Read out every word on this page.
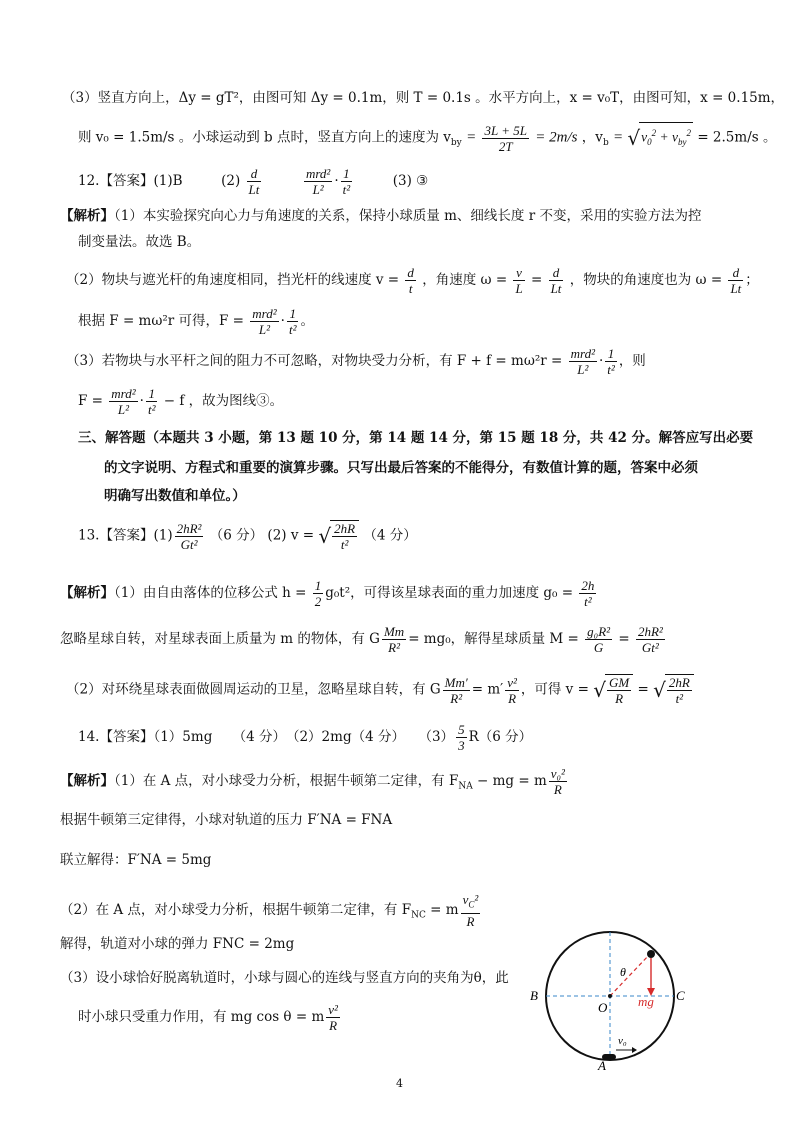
（3）竖直方向上，Δy = gT²，由图可知 Δy = 0.1m，则 T = 0.1s 。水平方向上，x = v₀T，由图可知，x = 0.15m，
则 v₀ = 1.5m/s 。小球运动到 b 点时，竖直方向上的速度为 $v_{by} = \frac{3L + 5L}{2T} = 2m/s$ ，$v_b = √v_0^2 + v_{by}^2 = 2.5m/s$ 。
12.【答案】(1)B	$(2) \frac{d}{Lt}$
	$\frac{\text{mrd²}}{\text{L²}} \cdot \frac{1}{\text{t²}}$	(3) ③
【解析】（1）本实验探究向心力与角速度的关系，保持小球质量 m、细线长度 r 不变，采用的实验方法为控
制变量法。故选 B。
（2）物块与遮光杆的角速度相同，挡光杆的线速度 $v = \frac{d}{t}$ ，角速度 $\omega = \frac{v}{L} = \frac{d}{Lt}$ ，物块的角速度也为 $\omega = \frac{d}{Lt}$ ；
根据 F = mω²r 可得，$F = \frac{\text{mrd²}}{\text{L²}} \cdot \frac{1}{\text{t²}}$ 。
（3）若物块与水平杆之间的阻力不可忽略，对物块受力分析，有 $F + f = m\omega^2r = \frac{\text{mrd²}}{\text{L²}} \cdot \frac{1}{\text{t²}}$ ，则
$F = \frac{\text{mrd²}}{\text{L²}} \cdot \frac{1}{\text{t²}} - f$ ，故为图线③。
三、解答题（本题共 3 小题，第 13 题 10 分，第 14 题 14 分，第 15 题 18 分，共 42 分。解答应写出必要
的文字说明、方程式和重要的演算步骤。只写出最后答案的不能得分，有数值计算的题，答案中必须
明确写出数值和单位。）
13.【答案】$(1) \frac{\text{2hR²}}{\text{Gt²}} (6$ 分） (2) v = √ $\frac{2hR}{\text{t²}} (4$ 分）
【解析】（1）由自由落体的位移公式 $h = \frac{1}{2} g_0t^2$，可得该星球表面的重力加速度 $g_0 = \frac{2h}{\text{t²}}$
忽略星球自转，对星球表面上质量为 m 的物体，有 G $\frac{Mm}{\text{R²}} = mg_0$，解得星球质量 $M = \frac{\text{g₀R²}}{G} = \frac{\text{2hR²}}{\text{Gt²}}$
（2）对环绕星球表面做圆周运动的卫星，忽略星球自转，有 G $\frac{Mm'}{\text{R²}} = m' \frac{\text{v²}}{R}$ ，可得 v = √ $\frac{GM}{R}$ = √ $\frac{2hR}{\text{t²}}$
14.【答案】（1）5mg　　（4 分）　（2）2mg（4 分）　　$(3) \frac{5}{3} R(6$ 分）
【解析】（1）在 A 点，对小球受力分析，根据牛顿第二定律，有 $F_{NA}$ − mg = m $\frac{\text{v₀²}}{R}$
根据牛顿第三定律得，小球对轨道的压力 F′NA = FNA
联立解得：F′NA = 5mg
（2）在 A 点，对小球受力分析，根据牛顿第二定律，有 $F_{NC} = m \frac{v_C^2}{R}$
解得，轨道对小球的弹力 FNC = 2mg
（3）设小球恰好脱离轨道时，小球与圆心的连线与竖直方向的夹角为θ，此
时小球只受重力作用，有 mg cos θ = m $\frac{\text{v²}}{R}$
θ
B	C
O mg
v₀
A
4
